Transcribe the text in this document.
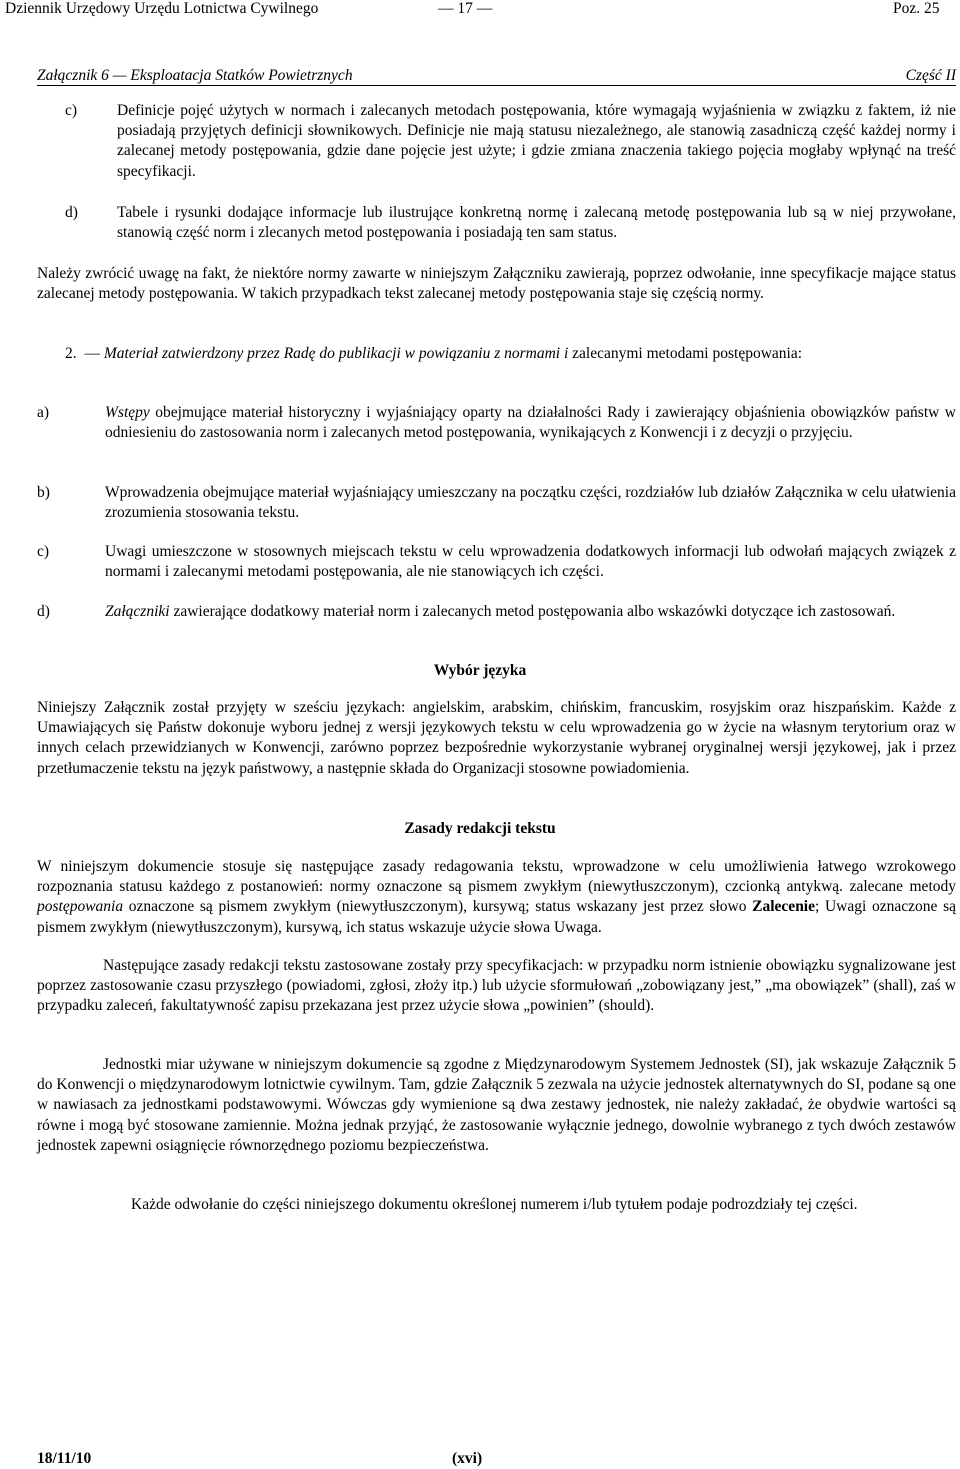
Dziennik Urzędowy Urzędu Lotnictwa Cywilnego	— 17 —	Poz. 25
Załącznik 6 — Eksploatacja Statków Powietrznych	Część II
c)	Definicje pojęć użytych w normach i zalecanych metodach postępowania, które wymagają wyjaśnienia w związku z faktem, iż nie posiadają przyjętych definicji słownikowych. Definicje nie mają statusu niezależnego, ale stanowią zasadniczą część każdej normy i zalecanej metody postępowania, gdzie dane pojęcie jest użyte; i gdzie zmiana znaczenia takiego pojęcia mogłaby wpłynąć na treść specyfikacji.
d)	Tabele i rysunki dodające informacje lub ilustrujące konkretną normę i zalecaną metodę postępowania lub są w niej przywołane, stanowią część norm i zlecanych metod postępowania i posiadają ten sam status.
Należy zwrócić uwagę na fakt, że niektóre normy zawarte w niniejszym Załączniku zawierają, poprzez odwołanie, inne specyfikacje mające status zalecanej metody postępowania. W takich przypadkach tekst zalecanej metody postępowania staje się częścią normy.
2. — Materiał zatwierdzony przez Radę do publikacji w powiązaniu z normami i zalecanymi metodami postępowania:
a)	Wstępy obejmujące materiał historyczny i wyjaśniający oparty na działalności Rady i zawierający objaśnienia obowiązków państw w odniesieniu do zastosowania norm i zalecanych metod postępowania, wynikających z Konwencji i z decyzji o przyjęciu.
b)	Wprowadzenia obejmujące materiał wyjaśniający umieszczany na początku części, rozdziałów lub działów Załącznika w celu ułatwienia zrozumienia stosowania tekstu.
c)	Uwagi umieszczone w stosownych miejscach tekstu w celu wprowadzenia dodatkowych informacji lub odwołań mających związek z normami i zalecanymi metodami postępowania, ale nie stanowiących ich części.
d)	Załączniki zawierające dodatkowy materiał norm i zalecanych metod postępowania albo wskazówki dotyczące ich zastosowań.
Wybór języka
Niniejszy Załącznik został przyjęty w sześciu językach: angielskim, arabskim, chińskim, francuskim, rosyjskim oraz hiszpańskim. Każde z Umawiających się Państw dokonuje wyboru jednej z wersji językowych tekstu w celu wprowadzenia go w życie na własnym terytorium oraz w innych celach przewidzianych w Konwencji, zarówno poprzez bezpośrednie wykorzystanie wybranej oryginalnej wersji językowej, jak i przez przetłumaczenie tekstu na język państwowy, a następnie składa do Organizacji stosowne powiadomienia.
Zasady redakcji tekstu
W niniejszym dokumencie stosuje się następujące zasady redagowania tekstu, wprowadzone w celu umożliwienia łatwego wzrokowego rozpoznania statusu każdego z postanowień: normy oznaczone są pismem zwykłym (niewytłuszczonym), czcionką antykwą. zalecane metody postępowania oznaczone są pismem zwykłym (niewytłuszczonym), kursywą; status wskazany jest przez słowo Zalecenie; Uwagi oznaczone są pismem zwykłym (niewytłuszczonym), kursywą, ich status wskazuje użycie słowa Uwaga.
Następujące zasady redakcji tekstu zastosowane zostały przy specyfikacjach: w przypadku norm istnienie obowiązku sygnalizowane jest poprzez zastosowanie czasu przyszłego (powiadomi, zgłosi, złoży itp.) lub użycie sformułowań „zobowiązany jest,” „ma obowiązek” (shall), zaś w przypadku zaleceń, fakultatywność zapisu przekazana jest przez użycie słowa „powinien” (should).
Jednostki miar używane w niniejszym dokumencie są zgodne z Międzynarodowym Systemem Jednostek (SI), jak wskazuje Załącznik 5 do Konwencji o międzynarodowym lotnictwie cywilnym. Tam, gdzie Załącznik 5 zezwala na użycie jednostek alternatywnych do SI, podane są one w nawiasach za jednostkami podstawowymi. Wówczas gdy wymienione są dwa zestawy jednostek, nie należy zakładać, że obydwie wartości są równe i mogą być stosowane zamiennie. Można jednak przyjąć, że zastosowanie wyłącznie jednego, dowolnie wybranego z tych dwóch zestawów jednostek zapewni osiągnięcie równorzędnego poziomu bezpieczeństwa.
Każde odwołanie do części niniejszego dokumentu określonej numerem i/lub tytułem podaje podrozdziały tej części.
18/11/10	(xvi)
